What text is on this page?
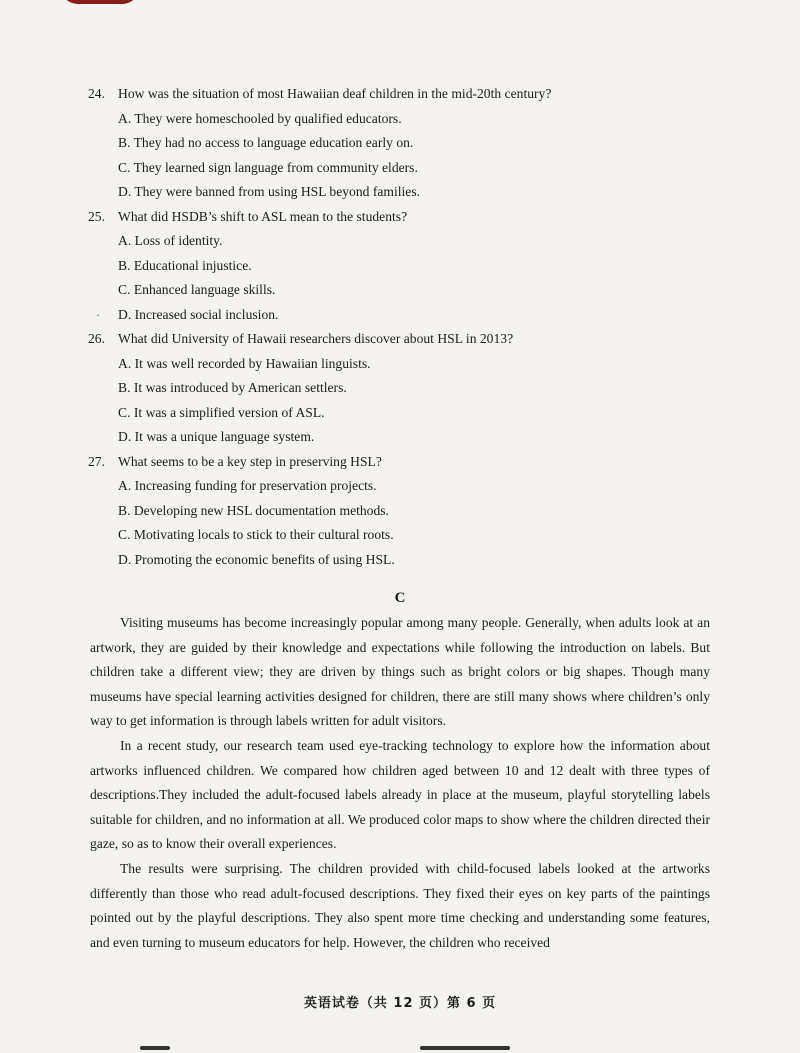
24. How was the situation of most Hawaiian deaf children in the mid-20th century?
A. They were homeschooled by qualified educators.
B. They had no access to language education early on.
C. They learned sign language from community elders.
D. They were banned from using HSL beyond families.
25. What did HSDB’s shift to ASL mean to the students?
A. Loss of identity.
B. Educational injustice.
C. Enhanced language skills.
· D. Increased social inclusion.
26. What did University of Hawaii researchers discover about HSL in 2013?
A. It was well recorded by Hawaiian linguists.
B. It was introduced by American settlers.
C. It was a simplified version of ASL.
D. It was a unique language system.
27. What seems to be a key step in preserving HSL?
A. Increasing funding for preservation projects.
B. Developing new HSL documentation methods.
C. Motivating locals to stick to their cultural roots.
D. Promoting the economic benefits of using HSL.
C

Visiting museums has become increasingly popular among many people. Generally, when adults look at an artwork, they are guided by their knowledge and expectations while following the introduction on labels. But children take a different view; they are driven by things such as bright colors or big shapes. Though many museums have special learning activities designed for children, there are still many shows where children’s only way to get information is through labels written for adult visitors.

In a recent study, our research team used eye-tracking technology to explore how the information about artworks influenced children. We compared how children aged between 10 and 12 dealt with three types of descriptions.They included the adult-focused labels already in place at the museum, playful storytelling labels suitable for children, and no information at all. We produced color maps to show where the children directed their gaze, so as to know their overall experiences.

The results were surprising. The children provided with child-focused labels looked at the artworks differently than those who read adult-focused descriptions. They fixed their eyes on key parts of the paintings pointed out by the playful descriptions. They also spent more time checking and understanding some features, and even turning to museum educators for help. However, the children who received

英语试卷（共 12 页）第 6 页
